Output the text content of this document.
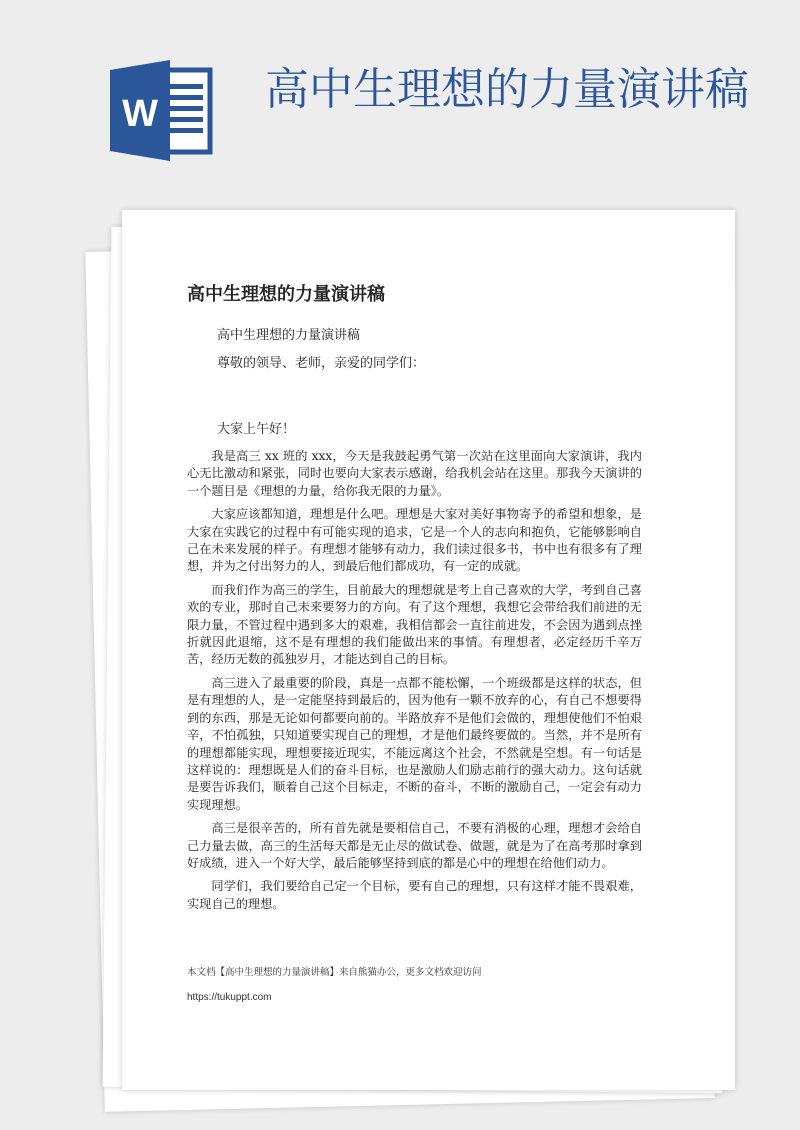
W 高中生理想的力量演讲稿
高中生理想的力量演讲稿
高中生理想的力量演讲稿
尊敬的领导、老师，亲爱的同学们：
大家上午好！

我是高三 xx 班的 xxx，今天是我鼓起勇气第一次站在这里面向大家演讲，我内心无比激动和紧张，同时也要向大家表示感谢，给我机会站在这里。那我今天演讲的一个题目是《理想的力量，给你我无限的力量》。

大家应该都知道，理想是什么吧。理想是大家对美好事物寄予的希望和想象，是大家在实践它的过程中有可能实现的追求，它是一个人的志向和抱负，它能够影响自己在未来发展的样子。有理想才能够有动力，我们读过很多书，书中也有很多有了理想，并为之付出努力的人，到最后他们都成功，有一定的成就。

而我们作为高三的学生，目前最大的理想就是考上自己喜欢的大学，考到自己喜欢的专业，那时自己未来要努力的方向。有了这个理想，我想它会带给我们前进的无限力量，不管过程中遇到多大的艰难，我相信都会一直往前进发，不会因为遇到点挫折就因此退缩，这不是有理想的我们能做出来的事情。有理想者，必定经历千辛万苦，经历无数的孤独岁月，才能达到自己的目标。

高三进入了最重要的阶段，真是一点都不能松懈，一个班级都是这样的状态，但是有理想的人，是一定能坚持到最后的，因为他有一颗不放弃的心，有自己不想要得到的东西，那是无论如何都要向前的。半路放弃不是他们会做的，理想使他们不怕艰辛，不怕孤独，只知道要实现自己的理想，才是他们最终要做的。当然，并不是所有的理想都能实现，理想要接近现实，不能远离这个社会，不然就是空想。有一句话是这样说的：理想既是人们的奋斗目标，也是激励人们励志前行的强大动力。这句话就是要告诉我们，顺着自己这个目标走，不断的奋斗，不断的激励自己，一定会有动力实现理想。

高三是很辛苦的，所有首先就是要相信自己，不要有消极的心理，理想才会给自己力量去做，高三的生活每天都是无止尽的做试卷、做题，就是为了在高考那时拿到好成绩，进入一个好大学，最后能够坚持到底的都是心中的理想在给他们动力。

同学们，我们要给自己定一个目标，要有自己的理想，只有这样才能不畏艰难，实现自己的理想。

本文档【高中生理想的力量演讲稿】来自熊猫办公，更多文档欢迎访问
https://tukuppt.com
